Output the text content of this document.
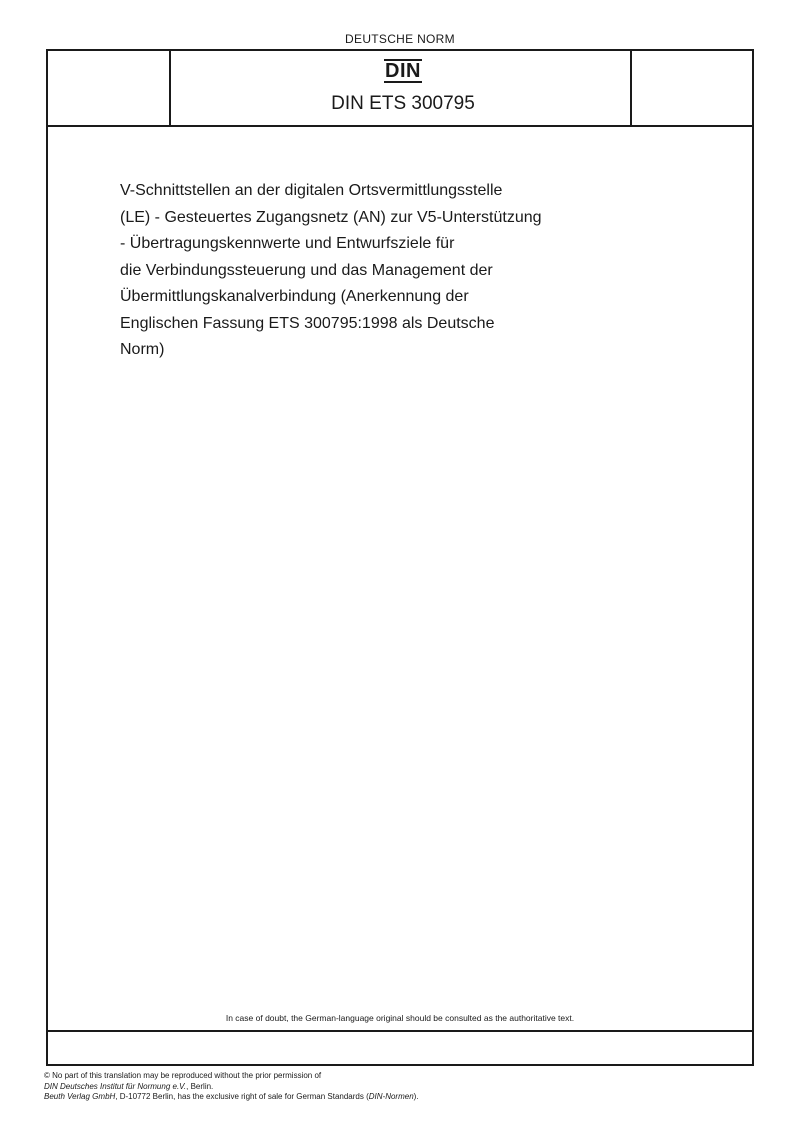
DEUTSCHE NORM
DIN
DIN ETS 300795
V-Schnittstellen an der digitalen Ortsvermittlungsstelle
(LE) - Gesteuertes Zugangsnetz (AN) zur V5-Unterstützung
- Übertragungskennwerte und Entwurfsziele für
die Verbindungssteuerung und das Management der
Übermittlungskanalverbindung (Anerkennung der
Englischen Fassung ETS 300795:1998 als Deutsche
Norm)
In case of doubt, the German-language original should be consulted as the authoritative text.
© No part of this translation may be reproduced without the prior permission of
DIN Deutsches Institut für Normung e.V., Berlin.
Beuth Verlag GmbH, D-10772 Berlin, has the exclusive right of sale for German Standards (DIN-Normen).
